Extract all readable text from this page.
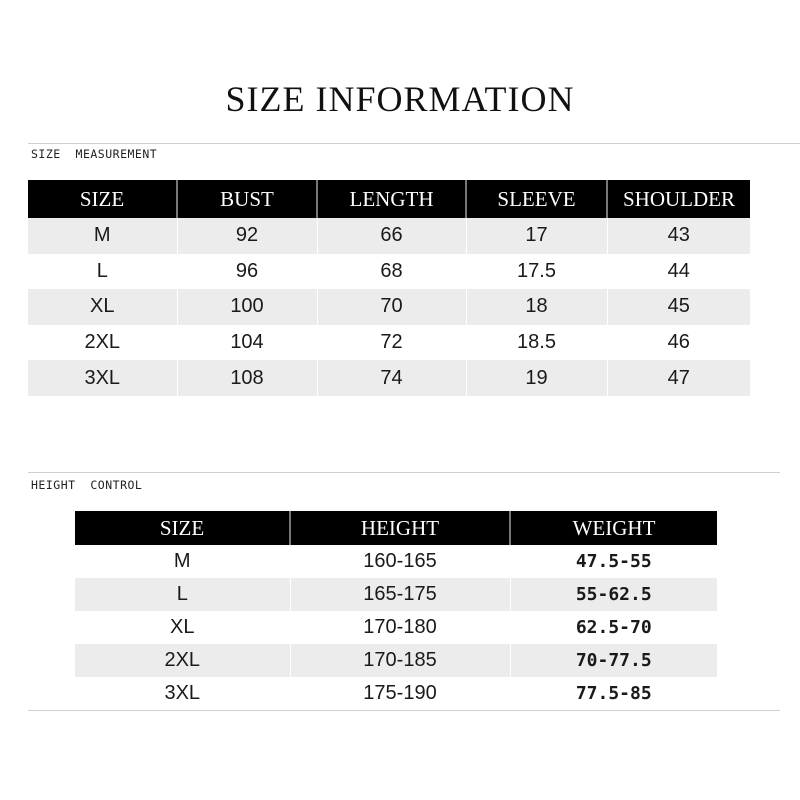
SIZE INFORMATION
SIZE  MEASUREMENT
SIZE	BUST	LENGTH	SLEEVE	SHOULDER
M	92	66	17	43
L	96	68	17.5	44
XL	100	70	18	45
2XL	104	72	18.5	46
3XL	108	74	19	47
HEIGHT  CONTROL
SIZE	HEIGHT	WEIGHT
M	160-165	47.5-55
L	165-175	55-62.5
XL	170-180	62.5-70
2XL	170-185	70-77.5
3XL	175-190	77.5-85
